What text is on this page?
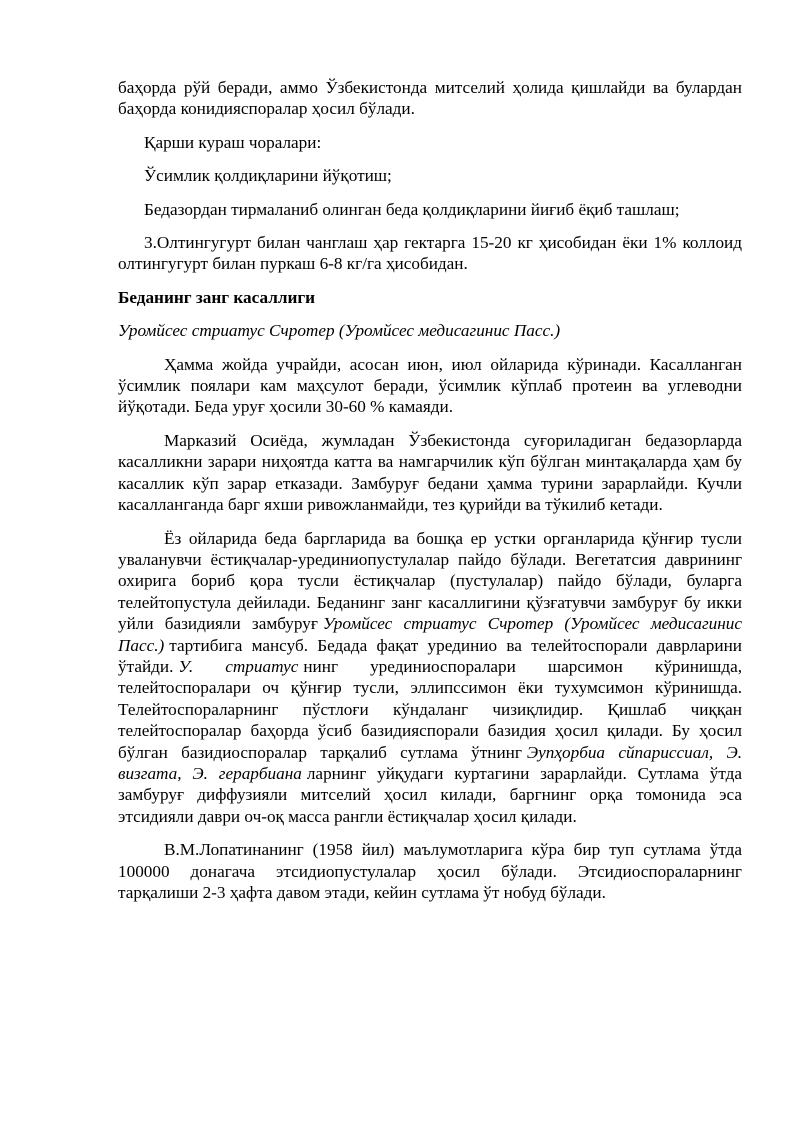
баҳорда рўй беради, аммо Ўзбекистонда митселий ҳолида қишлайди ва булардан баҳорда конидияспоралар ҳосил бўлади.

Қарши кураш чоралари:

Ўсимлик қолдиқларини йўқотиш;

Бедазордан тирмаланиб олинган беда қолдиқларини йиғиб ёқиб ташлаш;

3.Олтингугурт билан чанглаш ҳар гектарга 15-20 кг ҳисобидан ёки 1% коллоид олтингугурт билан пуркаш 6-8 кг/га ҳисобидан.

Беданинг занг касаллиги

Уромйсес стриатус Счротер (Уромйсес медисагинис Пасс.)

Ҳамма жойда учрайди, асосан июн, июл ойларида кўринади. Касалланган ўсимлик поялари кам маҳсулот беради, ўсимлик кўплаб протеин ва углеводни йўқотади. Беда уруғ ҳосили 30-60 % камаяди.

Марказий Осиёда, жумладан Ўзбекистонда суғориладиган бедазорларда касалликни зарари ниҳоятда катта ва намгарчилик кўп бўлган минтақаларда ҳам бу касаллик кўп зарар етказади. Замбуруғ бедани ҳамма турини зарарлайди. Кучли касалланганда барг яхши ривожланмайди, тез қурийди ва тўкилиб кетади.

Ёз ойларида беда баргларида ва бошқа ер устки органларида қўнғир тусли уваланувчи ёстиқчалар-урединиопустулалар пайдо бўлади. Вегетатсия даврининг охирига бориб қора тусли ёстиқчалар (пустулалар) пайдо бўлади, буларга телейтопустула дейилади. Беданинг занг касаллигини қўзғатувчи замбуруғ бу икки уйли базидияли замбуруғ Уромйсес стриатус Счротер (Уромйсес медисагинис Пасс.) тартибига мансуб. Бедада фақат урединио ва телейтоспорали даврларини ўтайди. У. стриатус нинг урединиоспоралари шарсимон кўринишда, телейтоспоралари оч қўнғир тусли, эллипссимон ёки тухумсимон кўринишда. Телейтоспораларнинг пўстлоғи кўндаланг чизиқлидир. Қишлаб чиққан телейтоспоралар баҳорда ўсиб базидияспорали базидия ҳосил қилади. Бу ҳосил бўлган базидиоспоралар тарқалиб сутлама ўтнинг Эупҳорбиа сйпариссиал, Э. визгата, Э. герарбиана ларнинг уйқудаги куртагини зарарлайди. Сутлама ўтда замбуруғ диффузияли митселий ҳосил килади, баргнинг орқа томонида эса этсидияли даври оч-оқ масса рангли ёстиқчалар ҳосил қилади.

В.М.Лопатинанинг (1958 йил) маълумотларига кўра бир туп сутлама ўтда 100000 донагача этсидиопустулалар ҳосил бўлади. Этсидиоспораларнинг тарқалиши 2-3 ҳафта давом этади, кейин сутлама ўт нобуд бўлади.
